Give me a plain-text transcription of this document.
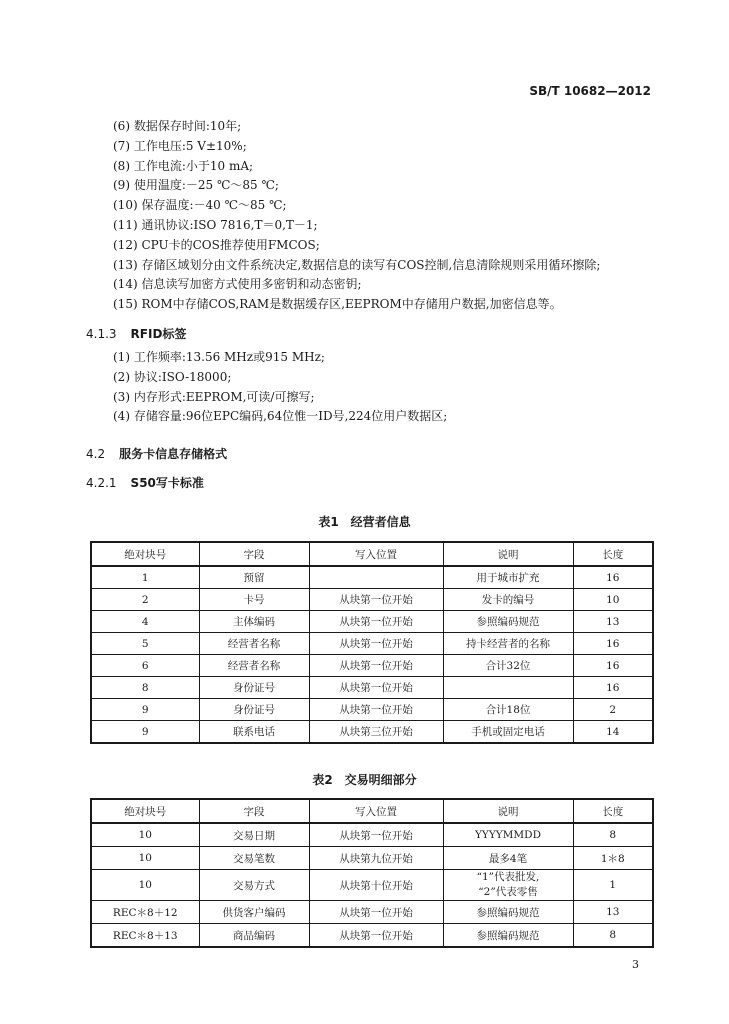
SB/T 10682—2012
(6) 数据保存时间:10年;
(7) 工作电压:5 V±10%;
(8) 工作电流:小于10 mA;
(9) 使用温度:－25 ℃～85 ℃;
(10) 保存温度:－40 ℃～85 ℃;
(11) 通讯协议:ISO 7816,T＝0,T－1;
(12) CPU卡的COS推荐使用FMCOS;
(13) 存储区域划分由文件系统决定,数据信息的读写有COS控制,信息清除规则采用循环擦除;
(14) 信息读写加密方式使用多密钥和动态密钥;
(15) ROM中存储COS,RAM是数据缓存区,EEPROM中存储用户数据,加密信息等。
4.1.3 RFID标签
(1) 工作频率:13.56 MHz或915 MHz;
(2) 协议:ISO-18000;
(3) 内存形式:EEPROM,可读/可擦写;
(4) 存储容量:96位EPC编码,64位惟一ID号,224位用户数据区;
4.2 服务卡信息存储格式
4.2.1 S50写卡标准
表1　经营者信息
绝对块号	字段	写入位置	说明	长度
1	预留		用于城市扩充	16
2	卡号	从块第一位开始	发卡的编号	10
4	主体编码	从块第一位开始	参照编码规范	13
5	经营者名称	从块第一位开始	持卡经营者的名称	16
6	经营者名称	从块第一位开始	合计32位	16
8	身份证号	从块第一位开始		16
9	身份证号	从块第一位开始	合计18位	2
9	联系电话	从块第三位开始	手机或固定电话	14
表2　交易明细部分
绝对块号	字段	写入位置	说明	长度
10	交易日期	从块第一位开始	YYYYMMDD	8
10	交易笔数	从块第九位开始	最多4笔	1＊8
10	交易方式	从块第十位开始	“1”代表批发,
“2”代表零售	1
REC＊8＋12	供货客户编码	从块第一位开始	参照编码规范	13
REC＊8＋13	商品编码	从块第一位开始	参照编码规范	8
3
